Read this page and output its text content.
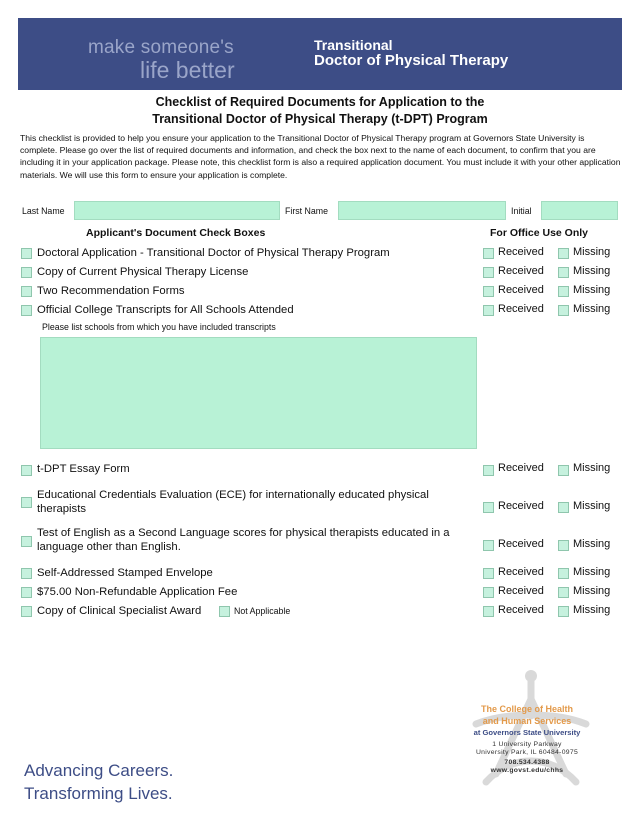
make someone's
life better
Transitional
Doctor of Physical Therapy
Checklist of Required Documents for Application to the
Transitional Doctor of Physical Therapy (t-DPT) Program
This checklist is provided to help you ensure your application to the Transitional Doctor of Physical Therapy program at Governors State University is complete. Please go over the list of required documents and information, and check the box next to the name of each document, to confirm that you are including it in your application package. Please note, this checklist form is also a required application document. You must include it with your other application materials. We will use this form to ensure your application is complete.
Last Name	First Name	Initial
Applicant's Document Check Boxes	For Office Use Only
Doctoral Application - Transitional Doctor of Physical Therapy Program	Received	Missing
Copy of Current Physical Therapy License	Received	Missing
Two Recommendation Forms	Received	Missing
Official College Transcripts for All Schools Attended	Received	Missing
Please list schools from which you have included transcripts
t-DPT Essay Form	Received	Missing
Educational Credentials Evaluation (ECE) for internationally educated physical therapists	Received	Missing
Test of English as a Second Language scores for physical therapists educated in a language other than English.	Received	Missing
Self-Addressed Stamped Envelope	Received	Missing
$75.00 Non-Refundable Application Fee	Received	Missing
Copy of Clinical Specialist Award	Not Applicable	Received	Missing
The College of Health
and Human Services
at Governors State University
1 University Parkway
University Park, IL 60484-0975
708.534.4388
www.govst.edu/chhs
Advancing Careers.
Transforming Lives.
